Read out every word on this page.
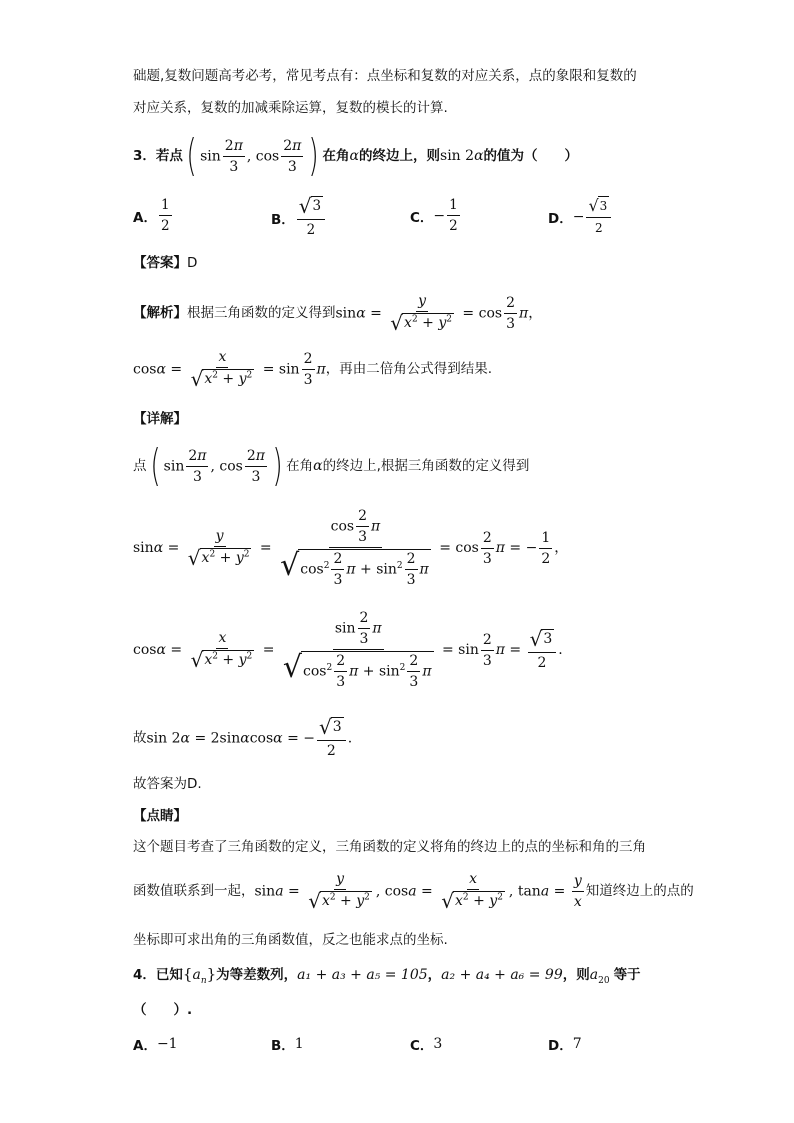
础题,复数问题高考必考，常见考点有：点坐标和复数的对应关系，点的象限和复数的
对应关系，复数的加减乘除运算，复数的模长的计算.
3． 若点 ( $\sin \frac{2\pi}{3}$ , $\cos \frac{2\pi}{3}$ ) 在角 α 的终边上，则 sin 2α 的值为（　　）
A． $\frac{1}{2}$	B． $\frac{√ 3}{2}$	C． − $\frac{1}{2}$	D． − $\frac{√ 3}{2}$
【答案】 D
【解析】 根据三角函数的定义得到 $\sin\alpha = \frac{y}{√ x^2 + y^2} = \cos \frac{2}{3}$ π，
$\cos\alpha = \frac{x}{√ x^2 + y^2} = \sin \frac{2}{3}$ π ，再由二倍角公式得到结果.
【详解】
点 ( $\sin \frac{2\pi}{3}$ , $\cos \frac{2\pi}{3}$ ) 在角 α 的终边上,根据三角函数的定义得到
$\sin\alpha = \frac{y}{√ x^2 + y^2} = \frac{\cos \frac{2}{3} \pi}{√ \cos^2 \frac{2}{3} \pi + \sin^2 \frac{2}{3} \pi} = \cos \frac{2}{3}$ π = − $\frac{1}{2}$ ，
$\cos\alpha = \frac{x}{√ x^2 + y^2} = \frac{\sin \frac{2}{3} \pi}{√ \cos^2 \frac{2}{3} \pi + \sin^2 \frac{2}{3} \pi} = \sin \frac{2}{3}$ $\pi = \frac{√ 3}{2}$ .
故 sin 2α = 2sinαcosα = − $\frac{√ 3}{2}$ .
故答案为D.
【点睛】
这个题目考查了三角函数的定义，三角函数的定义将角的终边上的点的坐标和角的三角
函数值联系到一起， $\sin a = \frac{y}{√ x^2 + y^2}$ , $\cos a = \frac{x}{√ x^2 + y^2}$ , $\tan a = \frac{y}{x}$ 知道终边上的点的
坐标即可求出角的三角函数值，反之也能求点的坐标.
4． 已知 $\{a_n\}$ 为等差数列， a₁ + a₃ + a₅ = 105 ， a₂ + a₄ + a₆ = 99 ，则 $a_{20}$ 等于
（　　）.
A． −1	B． 1	C． 3	D． 7
